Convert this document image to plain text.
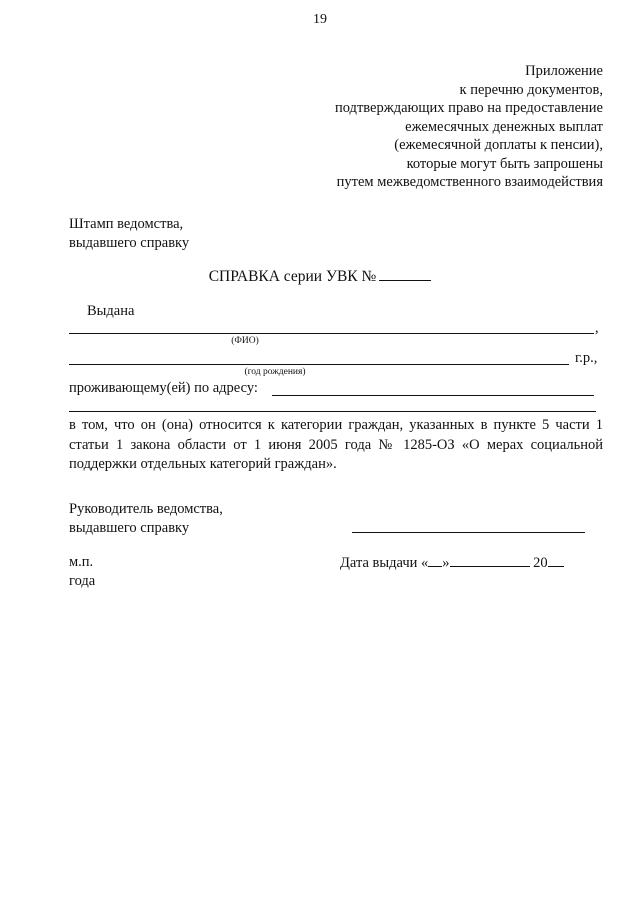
19
Приложение
к перечню документов,
подтверждающих право на предоставление
ежемесячных денежных выплат
(ежемесячной доплаты к пенсии),
которые могут быть запрошены
путем межведомственного взаимодействия
Штамп ведомства,
выдавшего справку
СПРАВКА серии УВК №
Выдана
,
(ФИО)
г.р.,
(год рождения)
проживающему(ей) по адресу:
в том, что он (она) относится к категории граждан, указанных в пункте 5 части 1 статьи 1 закона области от 1 июня 2005 года № 1285-ОЗ «О мерах социальной поддержки отдельных категорий граждан».
Руководитель ведомства,
выдавшего справку
м.п.
года
Дата выдачи « »	20
